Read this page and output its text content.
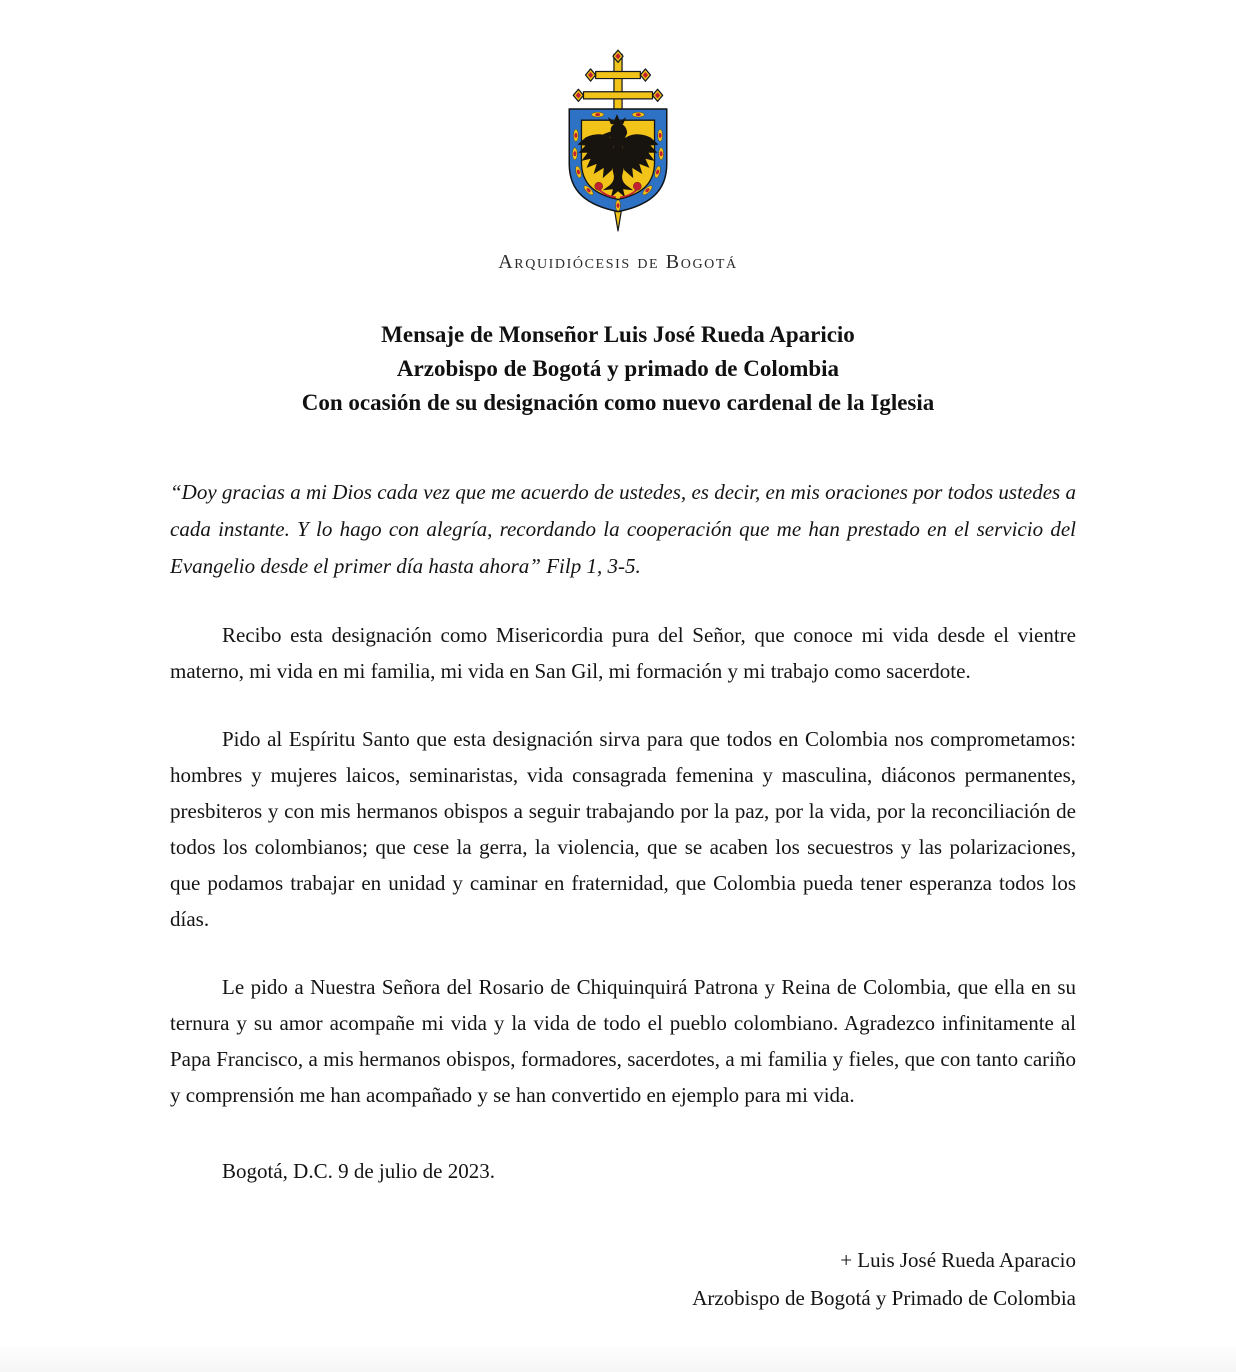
Arquidiócesis de Bogotá
Mensaje de Monseñor Luis José Rueda Aparicio
Arzobispo de Bogotá y primado de Colombia
Con ocasión de su designación como nuevo cardenal de la Iglesia

“Doy gracias a mi Dios cada vez que me acuerdo de ustedes, es decir, en mis oraciones por todos ustedes a cada instante. Y lo hago con alegría, recordando la cooperación que me han prestado en el servicio del Evangelio desde el primer día hasta ahora” Filp 1, 3-5.

Recibo esta designación como Misericordia pura del Señor, que conoce mi vida desde el vientre materno, mi vida en mi familia, mi vida en San Gil, mi formación y mi trabajo como sacerdote.

Pido al Espíritu Santo que esta designación sirva para que todos en Colombia nos comprometamos: hombres y mujeres laicos, seminaristas, vida consagrada femenina y masculina, diáconos permanentes, presbiteros y con mis hermanos obispos a seguir trabajando por la paz, por la vida, por la reconciliación de todos los colombianos; que cese la gerra, la violencia, que se acaben los secuestros y las polarizaciones, que podamos trabajar en unidad y caminar en fraternidad, que Colombia pueda tener esperanza todos los días.

Le pido a Nuestra Señora del Rosario de Chiquinquirá Patrona y Reina de Colombia, que ella en su ternura y su amor acompañe mi vida y la vida de todo el pueblo colombiano. Agradezco infinitamente al Papa Francisco, a mis hermanos obispos, formadores, sacerdotes, a mi familia y fieles, que con tanto cariño y comprensión me han acompañado y se han convertido en ejemplo para mi vida.

Bogotá, D.C. 9 de julio de 2023.

+ Luis José Rueda Aparacio
Arzobispo de Bogotá y Primado de Colombia
